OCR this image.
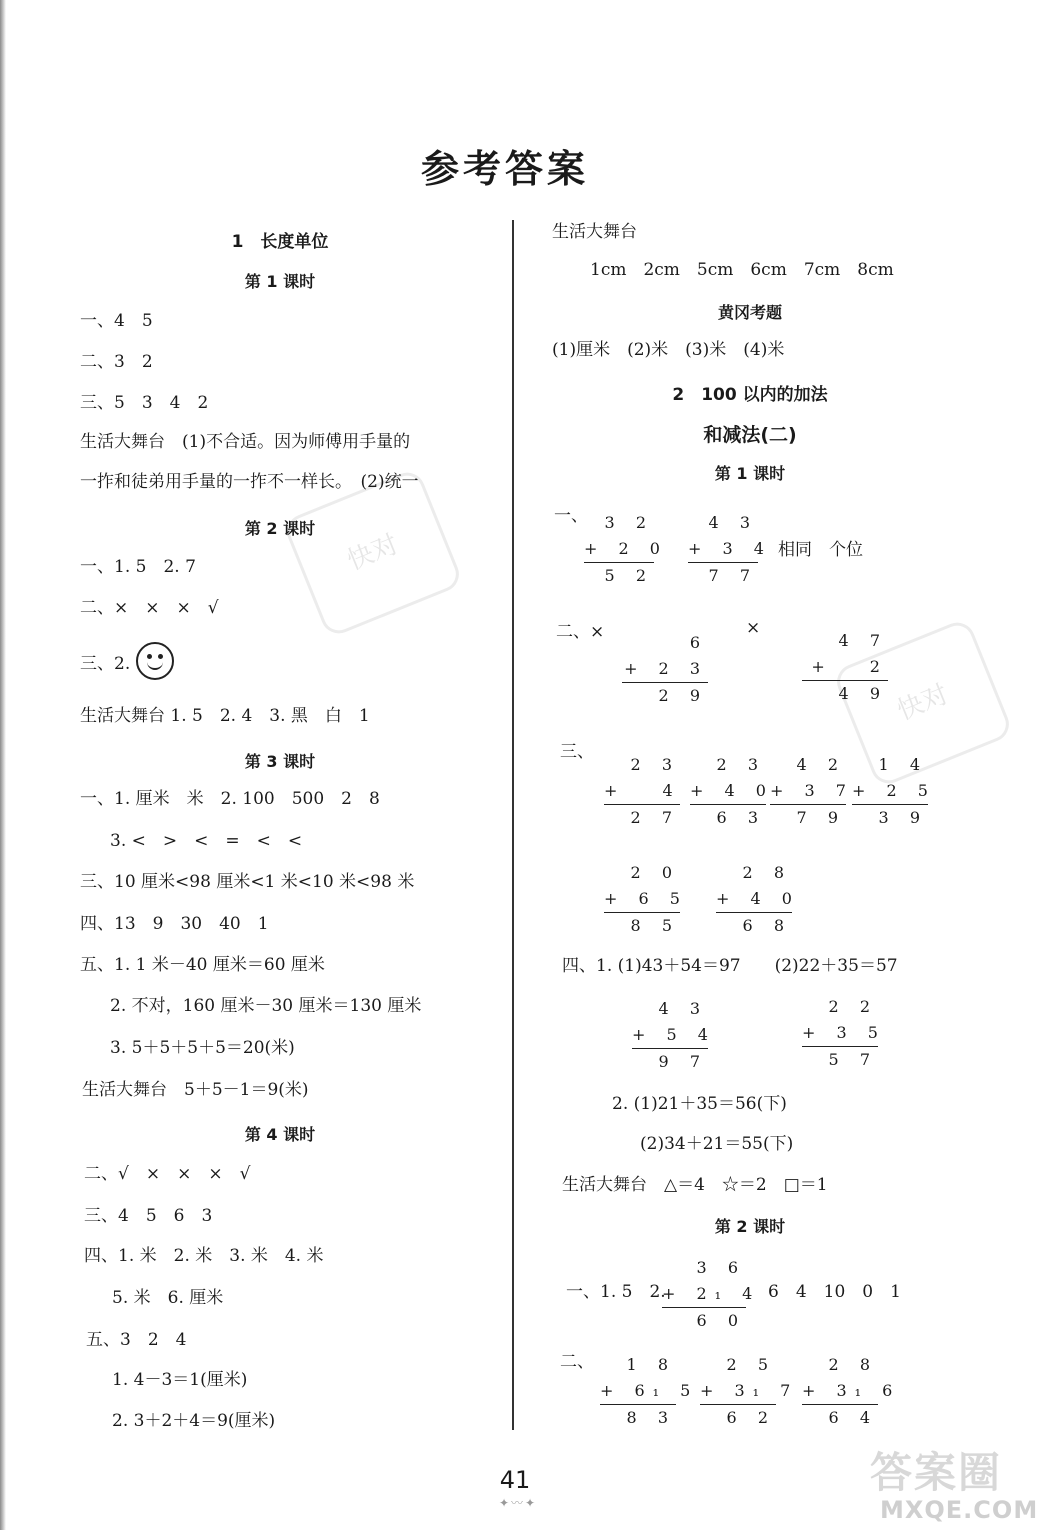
快对
快对
参考答案
1　长度单位
第 1 课时
一、4　5
二、3　2
三、5　3　4　2
生活大舞台　(1)不合适。因为师傅用手量的
一拃和徒弟用手量的一拃不一样长。　(2)统一
第 2 课时
一、1. 5　2. 7
二、×　×　×　√
三、2.
生活大舞台 1. 5　2. 4　3. 黑　白　1
第 3 课时
一、1. 厘米　米　2. 100　500　2　8
3. <　>　<　=　<　<
三、10 厘米<98 厘米<1 米<10 米<98 米
四、13　9　30　40　1
五、1. 1 米－40 厘米＝60 厘米
2. 不对，160 厘米－30 厘米＝130 厘米
3. 5＋5＋5＋5＝20(米)
生活大舞台　5＋5－1＝9(米)
第 4 课时
二、√　×　×　×　√
三、4　5　6　3
四、1. 米　2. 米　3. 米　4. 米
5. 米　6. 厘米
五、3　2　4
1. 4－3＝1(厘米)
2. 3＋2＋4＝9(厘米)
生活大舞台
1cm　2cm　5cm　6cm　7cm　8cm
黄冈考题
(1)厘米　(2)米　(3)米　(4)米
2　100 以内的加法
和减法(二)
第 1 课时
一、
相同　个位
二、×	×
三、
四、1. (1)43＋54＝97　　(2)22＋35＝57
2. (1)21＋35＝56(下)
(2)34＋21＝55(下)
生活大舞台　△＝4　☆＝2　□＝1
第 2 课时
一、1. 5　2.	6　4　10　0　1
二、
3 2
+ 2 0
5 2
4 3
+ 3 4
7 7
6
+ 2 3
2 9
4 7
+　 2
4 9
2 3
+　 4
2 7
2 3
+ 4 0
6 3
4 2
+ 3 7
7 9
1 4
+ 2 5
3 9
2 0
+ 6 5
8 5
2 8
+ 4 0
6 8
4 3
+ 5 4
9 7
2 2
+ 3 5
5 7
3 6
+ 2₁ 4
6 0
1 8
+ 6₁ 5
8 3
2 5
+ 3₁ 7
6 2
2 8
+ 3₁ 6
6 4
41
✦〰✦
答案圈
MXQE.COM
